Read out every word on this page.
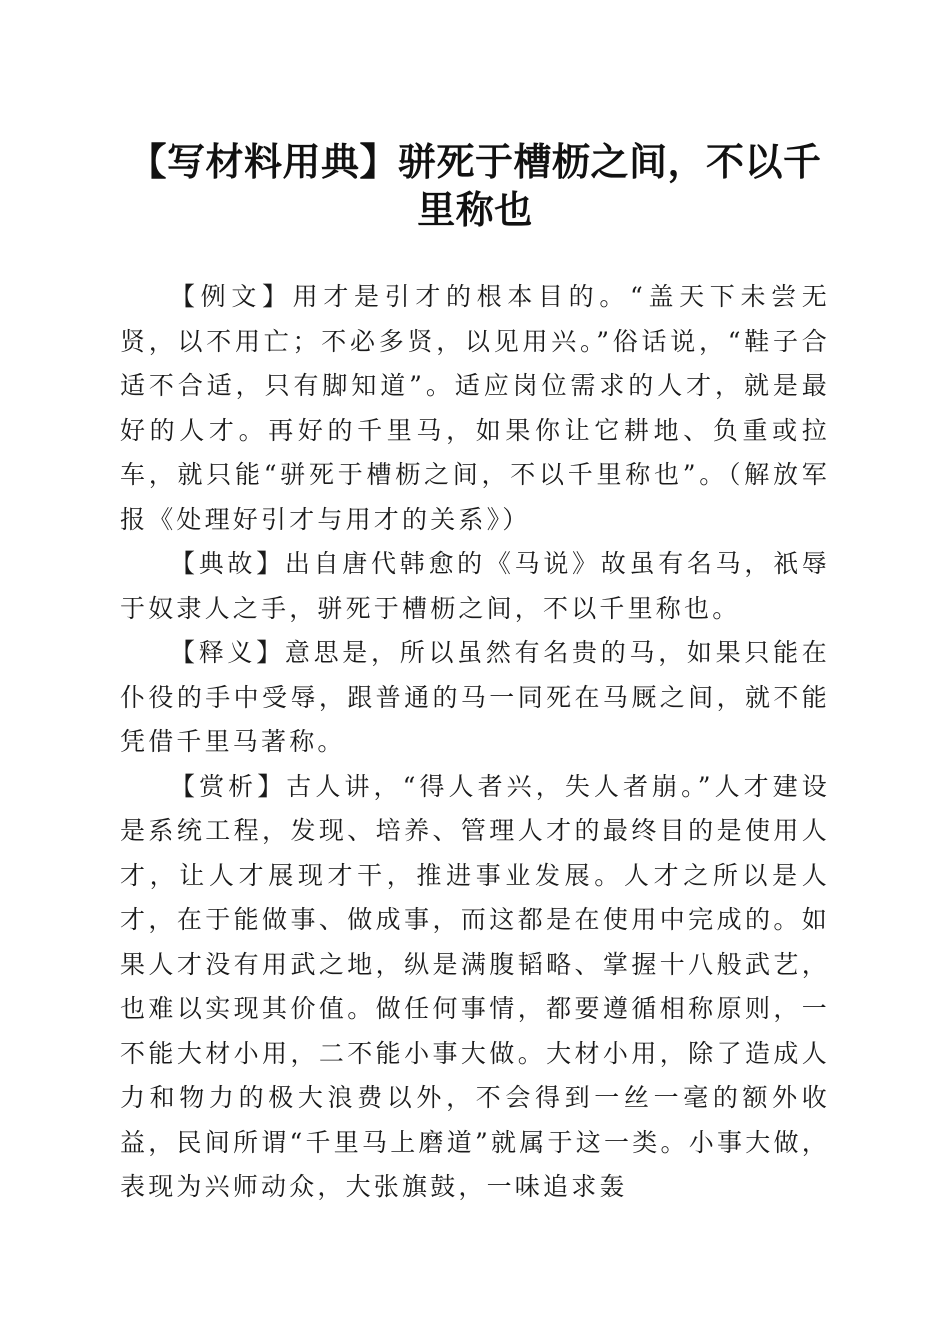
【写材料用典】骈死于槽枥之间，不以千里称也

【例文】用才是引才的根本目的。“盖天下未尝无贤，以不用亡；不必多贤，以见用兴。”俗话说，“鞋子合适不合适，只有脚知道”。适应岗位需求的人才，就是最好的人才。再好的千里马，如果你让它耕地、负重或拉车，就只能“骈死于槽枥之间，不以千里称也”。（解放军报《处理好引才与用才的关系》）

【典故】出自唐代韩愈的《马说》故虽有名马，祇辱于奴隶人之手，骈死于槽枥之间，不以千里称也。

【释义】意思是，所以虽然有名贵的马，如果只能在仆役的手中受辱，跟普通的马一同死在马厩之间，就不能凭借千里马著称。

【赏析】古人讲，“得人者兴，失人者崩。”人才建设是系统工程，发现、培养、管理人才的最终目的是使用人才，让人才展现才干，推进事业发展。人才之所以是人才，在于能做事、做成事，而这都是在使用中完成的。如果人才没有用武之地，纵是满腹韬略、掌握十八般武艺，也难以实现其价值。做任何事情，都要遵循相称原则，一不能大材小用，二不能小事大做。大材小用，除了造成人力和物力的极大浪费以外，不会得到一丝一毫的额外收益，民间所谓“千里马上磨道”就属于这一类。小事大做，表现为兴师动众，大张旗鼓，一味追求轰
